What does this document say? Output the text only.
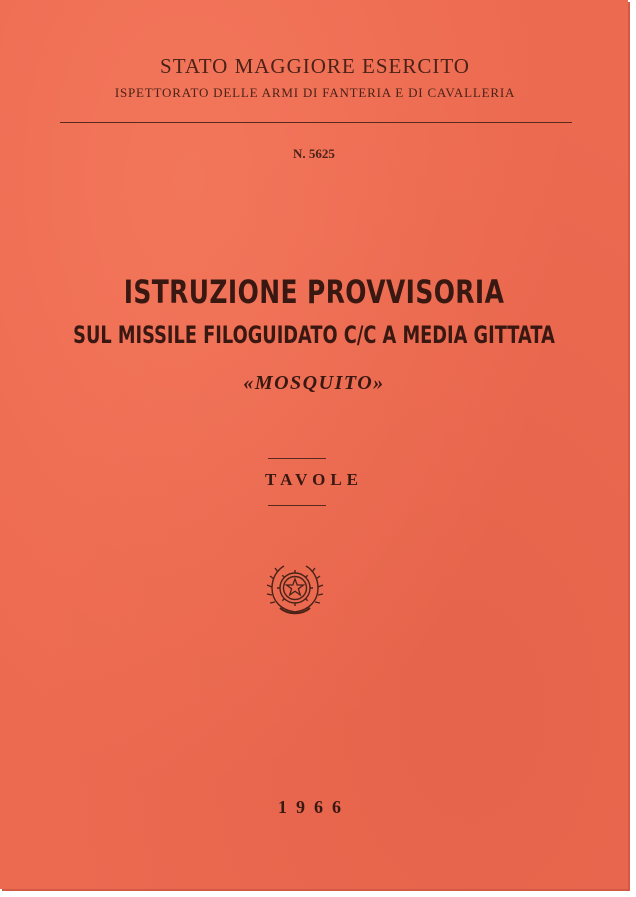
STATO MAGGIORE ESERCITO
ISPETTORATO DELLE ARMI DI FANTERIA E DI CAVALLERIA
N. 5625
ISTRUZIONE PROVVISORIA
SUL MISSILE FILOGUIDATO C/C A MEDIA GITTATA
«MOSQUITO»
TAVOLE
1966
